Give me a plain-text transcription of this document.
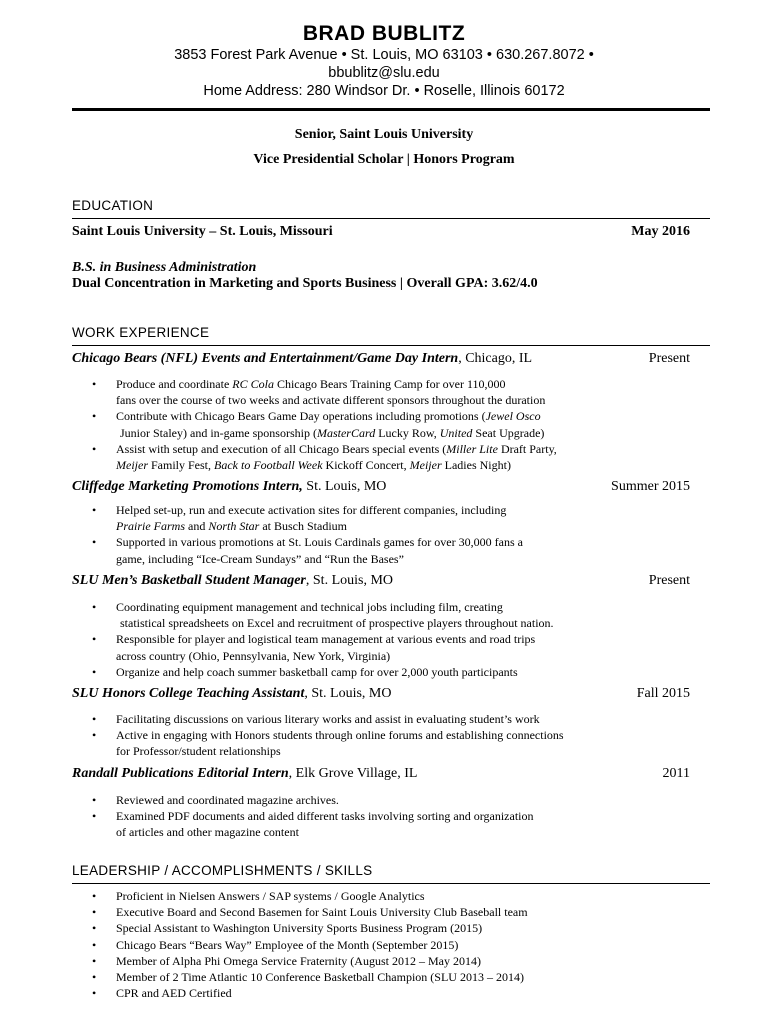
BRAD BUBLITZ
3853 Forest Park Avenue • St. Louis, MO 63103 • 630.267.8072 •
bbublitz@slu.edu
Home Address: 280 Windsor Dr. • Roselle, Illinois 60172
Senior, Saint Louis University
Vice Presidential Scholar | Honors Program
EDUCATION
Saint Louis University – St. Louis, Missouri	May 2016
B.S. in Business Administration
Dual Concentration in Marketing and Sports Business | Overall GPA: 3.62/4.0
WORK EXPERIENCE
Chicago Bears (NFL) Events and Entertainment/Game Day Intern, Chicago, IL	Present
• Produce and coordinate RC Cola Chicago Bears Training Camp for over 110,000
fans over the course of two weeks and activate different sponsors throughout the duration
• Contribute with Chicago Bears Game Day operations including promotions (Jewel Osco
Junior Staley) and in-game sponsorship (MasterCard Lucky Row, United Seat Upgrade)
• Assist with setup and execution of all Chicago Bears special events (Miller Lite Draft Party,
Meijer Family Fest, Back to Football Week Kickoff Concert, Meijer Ladies Night)
Cliffedge Marketing Promotions Intern, St. Louis, MO	Summer 2015
• Helped set-up, run and execute activation sites for different companies, including
Prairie Farms and North Star at Busch Stadium
• Supported in various promotions at St. Louis Cardinals games for over 30,000 fans a
game, including “Ice-Cream Sundays” and “Run the Bases”
SLU Men’s Basketball Student Manager, St. Louis, MO	Present
• Coordinating equipment management and technical jobs including film, creating
statistical spreadsheets on Excel and recruitment of prospective players throughout nation.
• Responsible for player and logistical team management at various events and road trips
across country (Ohio, Pennsylvania, New York, Virginia)
• Organize and help coach summer basketball camp for over 2,000 youth participants
SLU Honors College Teaching Assistant, St. Louis, MO	Fall 2015
• Facilitating discussions on various literary works and assist in evaluating student’s work
• Active in engaging with Honors students through online forums and establishing connections
for Professor/student relationships
Randall Publications Editorial Intern, Elk Grove Village, IL	2011
• Reviewed and coordinated magazine archives.
• Examined PDF documents and aided different tasks involving sorting and organization
of articles and other magazine content
LEADERSHIP / ACCOMPLISHMENTS / SKILLS
• Proficient in Nielsen Answers / SAP systems / Google Analytics
• Executive Board and Second Basemen for Saint Louis University Club Baseball team
• Special Assistant to Washington University Sports Business Program (2015)
• Chicago Bears “Bears Way” Employee of the Month (September 2015)
• Member of Alpha Phi Omega Service Fraternity (August 2012 – May 2014)
• Member of 2 Time Atlantic 10 Conference Basketball Champion (SLU 2013 – 2014)
• CPR and AED Certified
